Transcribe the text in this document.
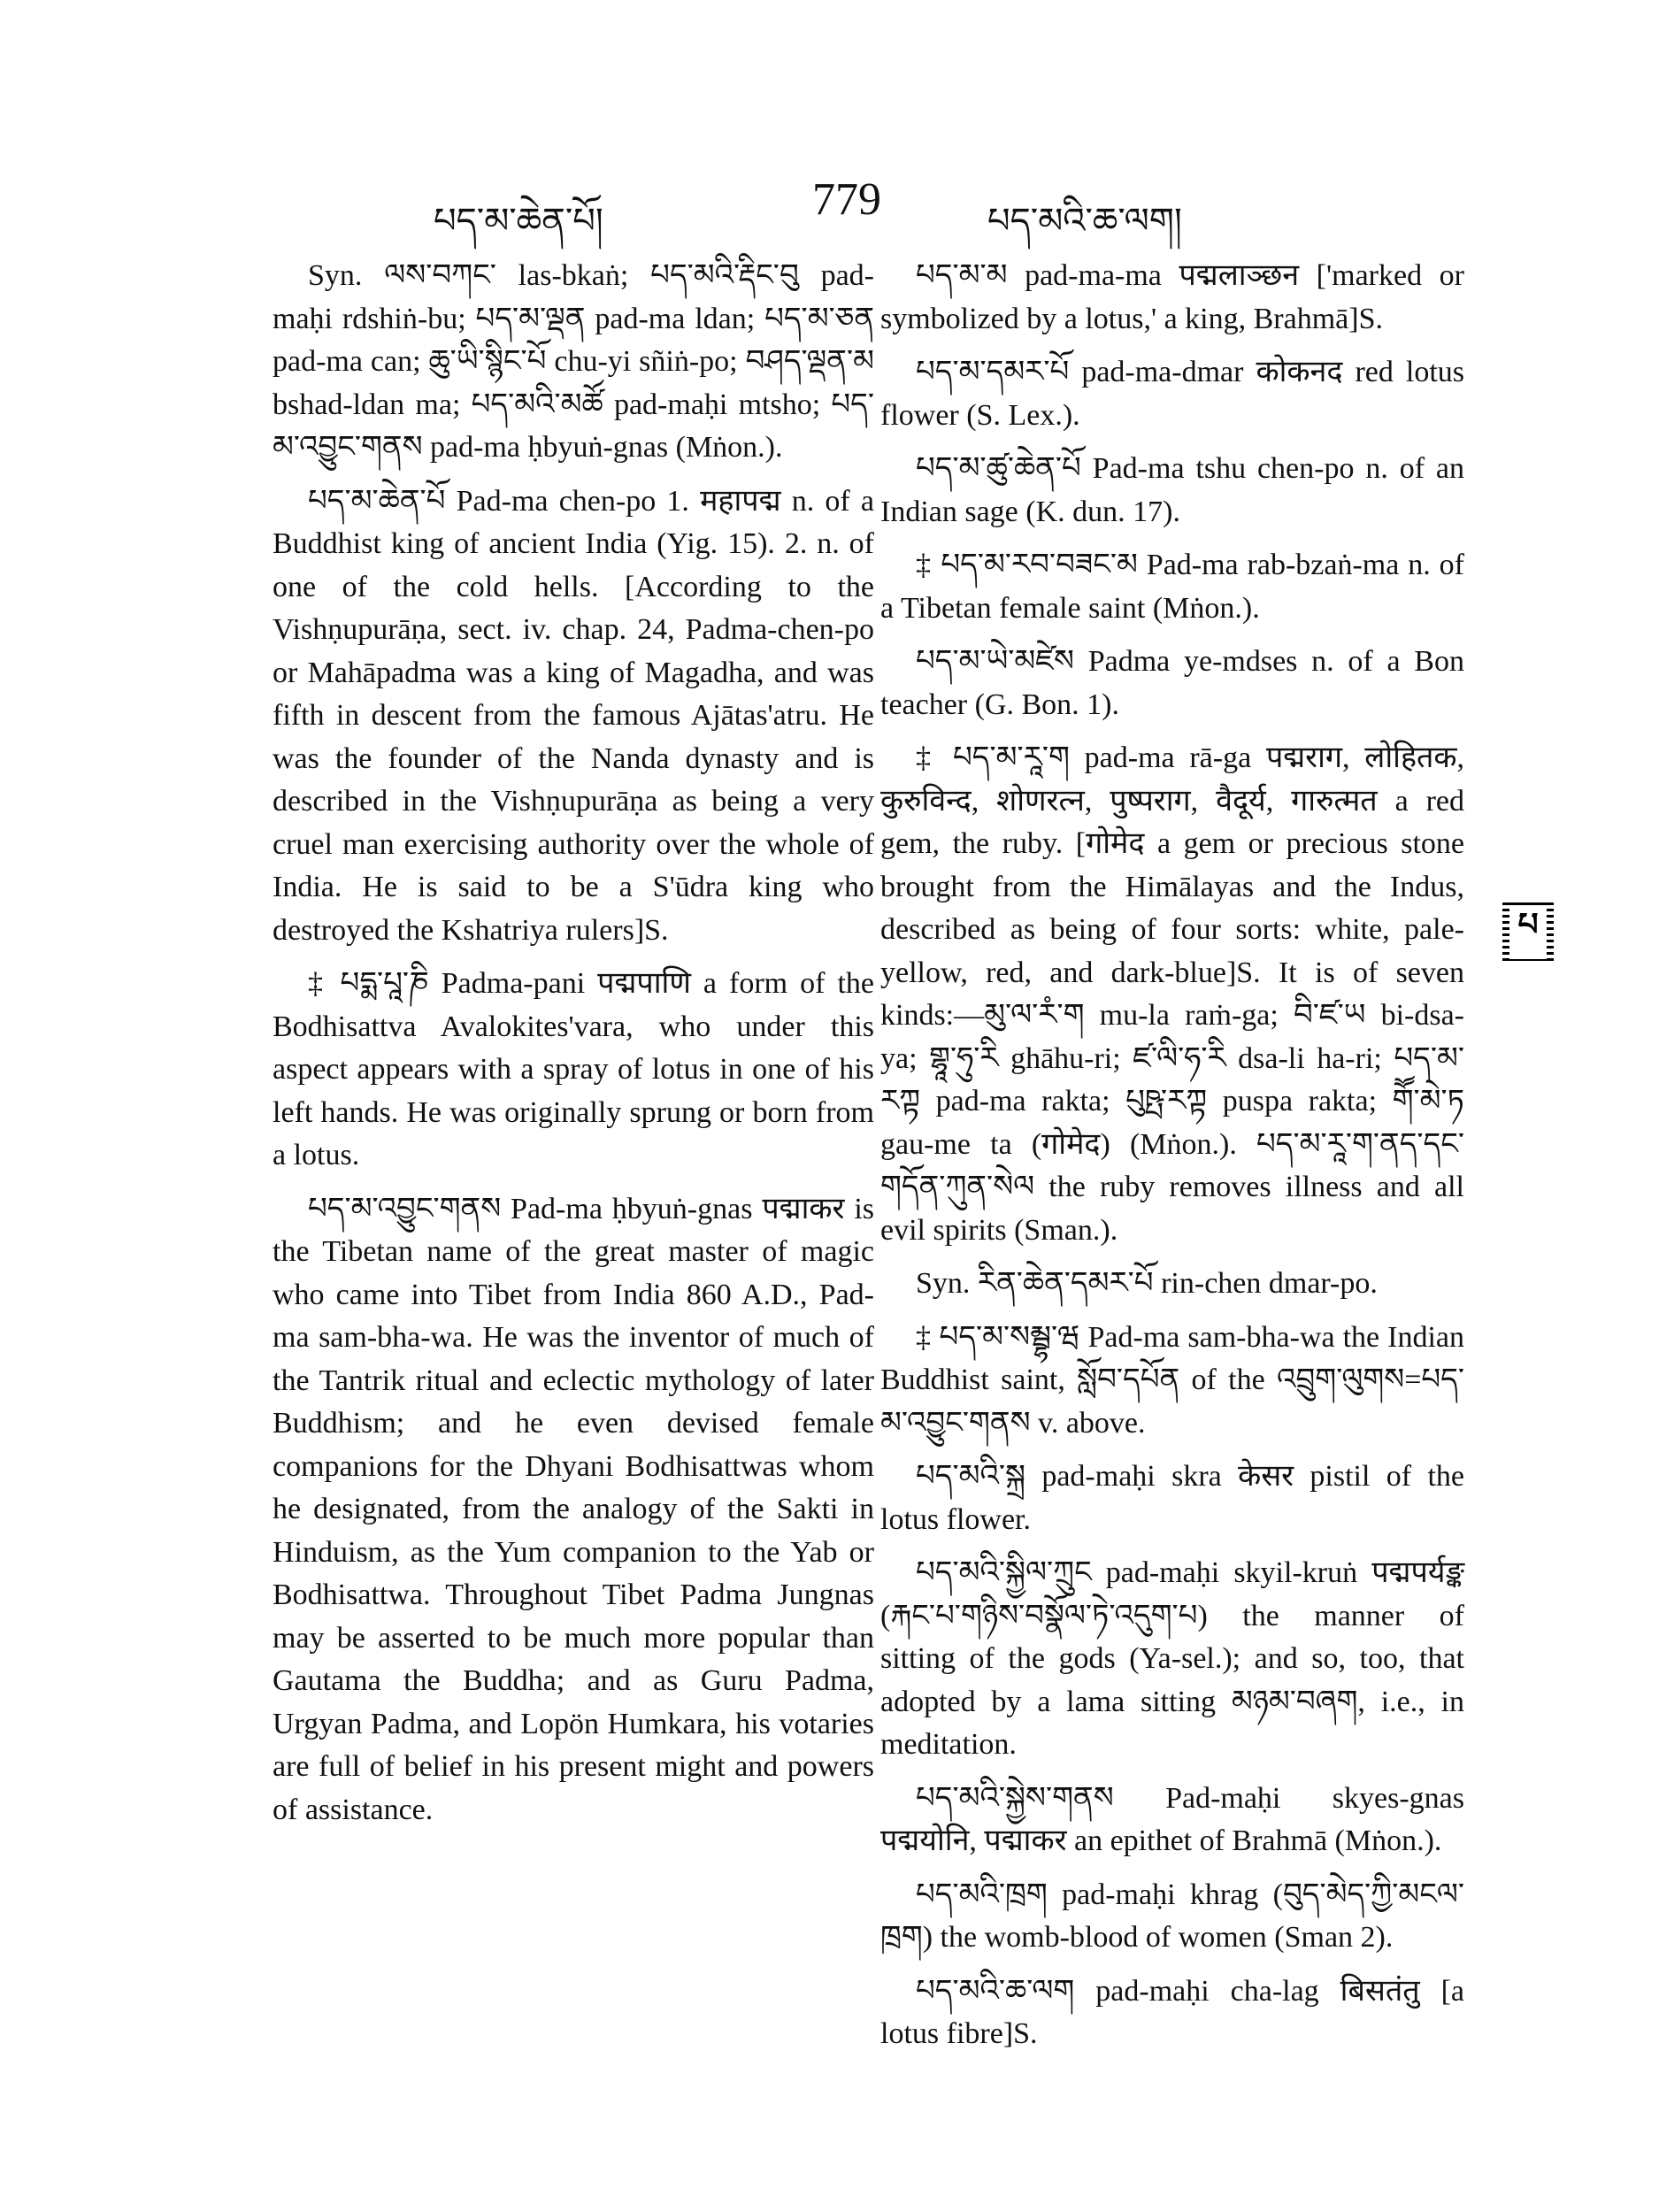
པད་མ་ཆེན་པོ།	779	པད་མའི་ཆ་ལག།

Syn. ལས་བཀང་ las-bkaṅ; པད་མའི་རྡིང་བུ pad-maḥi rdshiṅ-bu; པད་མ་ལྡན pad-ma ldan; པད་མ་ཅན pad-ma can; ཆུ་ཡི་སྙིང་པོ chu-yi sñiṅ-po; བཤད་ལྡན་མ bshad-ldan ma; པད་མའི་མཚོ pad-maḥi mtsho; པད་མ་འབྱུང་གནས pad-ma ḥbyuṅ-gnas (Mṅon.).

པད་མ་ཆེན་པོ Pad-ma chen-po 1. महापद्म n. of a Buddhist king of ancient India (Yig. 15). 2. n. of one of the cold hells. [According to the Vishṇupurāṇa, sect. iv. chap. 24, Padma-chen-po or Mahāpadma was a king of Magadha, and was fifth in descent from the famous Ajātas'atru. He was the founder of the Nanda dynasty and is described in the Vishṇupurāṇa as being a very cruel man exercising authority over the whole of India. He is said to be a S'ūdra king who destroyed the Kshatriya rulers]S.

‡ པདྨ་པཱ་ཎི Padma-pani पद्मपाणि a form of the Bodhisattva Avalokites'vara, who under this aspect appears with a spray of lotus in one of his left hands. He was originally sprung or born from a lotus.

པད་མ་འབྱུང་གནས Pad-ma ḥbyuṅ-gnas पद्माकर is the Tibetan name of the great master of magic who came into Tibet from India 860 A.D., Pad-ma sam-bha-wa. He was the inventor of much of the Tantrik ritual and eclectic mythology of later Buddhism; and he even devised female companions for the Dhyani Bodhisattwas whom he designated, from the analogy of the Sakti in Hinduism, as the Yum companion to the Yab or Bodhisattwa. Throughout Tibet Padma Jungnas may be asserted to be much more popular than Gautama the Buddha; and as Guru Padma, Urgyan Padma, and Lopön Humkara, his votaries are full of belief in his present might and powers of assistance.

པད་མ་མ pad-ma-ma पद्मलाञ्छन ['marked or symbolized by a lotus,' a king, Brahmā]S.

པད་མ་དམར་པོ pad-ma-dmar कोकनद red lotus flower (S. Lex.).

པད་མ་ཚུ་ཆེན་པོ Pad-ma tshu chen-po n. of an Indian sage (K. dun. 17).

‡ པད་མ་རབ་བཟང་མ Pad-ma rab-bzaṅ-ma n. of a Tibetan female saint (Mṅon.).

པད་མ་ཡེ་མཛེས Padma ye-mdses n. of a Bon teacher (G. Bon. 1).

‡ པད་མ་རཱ་ག pad-ma rā-ga पद्मराग, लोहितक, कुरुविन्द, शोणरत्न, पुष्पराग, वैदूर्य, गारुत्मत a red gem, the ruby. [गोमेद a gem or precious stone brought from the Himālayas and the Indus, described as being of four sorts: white, pale-yellow, red, and dark-blue]S. It is of seven kinds:—མུ་ལ་རཾ་ག mu-la raṁ-ga; བི་ཛ་ཡ bi-dsa-ya; གྷཱ་ཧུ་རི ghāhu-ri; ཛ་ལི་ཧ་རི dsa-li ha-ri; པད་མ་རཀྟ pad-ma rakta; པུཥྤ་རཀྟ puspa rakta; གཽ་མེ་ཏ gau-me ta (गोमेद) (Mṅon.). པད་མ་རཱ་ག་ནད་དང་གདོན་ཀུན་སེལ the ruby removes illness and all evil spirits (Sman.).

Syn. རིན་ཆེན་དམར་པོ rin-chen dmar-po.

‡ པད་མ་སམྦྷ་ཝ Pad-ma sam-bha-wa the Indian Buddhist saint, སློབ་དཔོན of the འབྲུག་ལུགས=པད་མ་འབྱུང་གནས v. above.

པད་མའི་སྐྲ pad-maḥi skra केसर pistil of the lotus flower.

པད་མའི་སྐྱིལ་ཀྲུང pad-maḥi skyil-kruṅ पद्मपर्यङ्क (རྐང་པ་གཉིས་བསྣོལ་ཏེ་འདུག་པ) the manner of sitting of the gods (Ya-sel.); and so, too, that adopted by a lama sitting མཉམ་བཞག, i.e., in meditation.

པད་མའི་སྐྱེས་གནས Pad-maḥi skyes-gnas पद्मयोनि, पद्माकर an epithet of Brahmā (Mṅon.).

པད་མའི་ཁྲག pad-maḥi khrag (བུད་མེད་ཀྱི་མངལ་ཁྲག) the womb-blood of women (Sman 2).

པད་མའི་ཆ་ལག pad-maḥi cha-lag बिसतंतु [a lotus fibre]S.

པ
